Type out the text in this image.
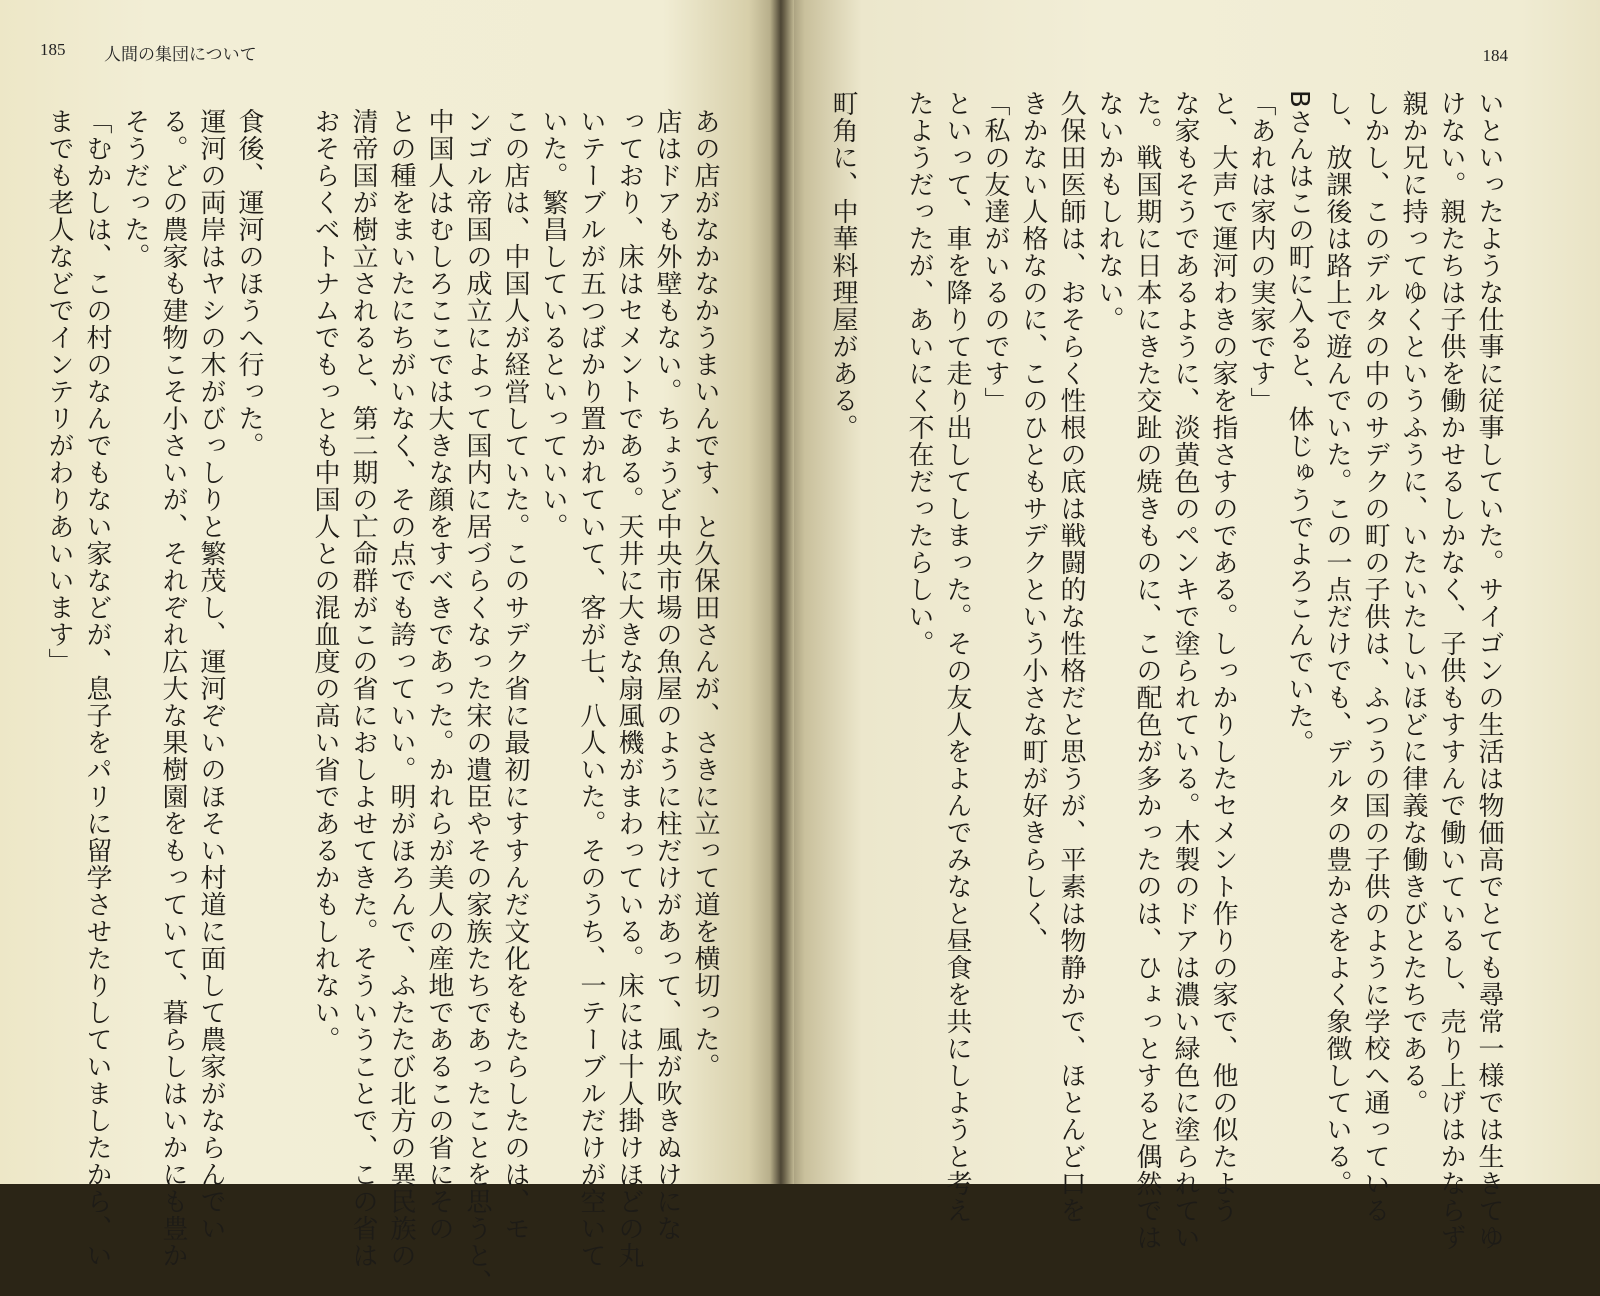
185 人間の集団について
あの店がなかなかうまいんです、と久保田さんが、さきに立って道を横切った。
店はドアも外壁もない。ちょうど中央市場の魚屋のように柱だけがあって、風が吹きぬけにな
っており、床はセメントである。天井に大きな扇風機がまわっている。床には十人掛けほどの丸
いテーブルが五つばかり置かれていて、客が七、八人いた。そのうち、一テーブルだけが空いて
いた。繁昌しているといっていい。
この店は、中国人が経営していた。このサデク省に最初にすすんだ文化をもたらしたのは、モ
ンゴル帝国の成立によって国内に居づらくなった宋の遺臣やその家族たちであったことを思うと、
中国人はむしろここでは大きな顔をすべきであった。かれらが美人の産地であるこの省にその
との種をまいたにちがいなく、その点でも誇っていい。明がほろんで、ふたたび北方の異民族の
清帝国が樹立されると、第二期の亡命群がこの省におしよせてきた。そういうことで、この省は
おそらくベトナムでもっとも中国人との混血度の高い省であるかもしれない。

食後、運河のほうへ行った。
運河の両岸はヤシの木がびっしりと繁茂し、運河ぞいのほそい村道に面して農家がならんでい
る。どの農家も建物こそ小さいが、それぞれ広大な果樹園をもっていて、暮らしはいかにも豊か
そうだった。
「むかしは、この村のなんでもない家などが、息子をパリに留学させたりしていましたから、い
までも老人などでインテリがわりあいいます」
184
いといったような仕事に従事していた。サイゴンの生活は物価高でとても尋常一様では生きてゆ
けない。親たちは子供を働かせるしかなく、子供もすすんで働いているし、売り上げはかならず
親か兄に持ってゆくというふうに、いたいたしいほどに律義な働きびとたちである。
しかし、このデルタの中のサデクの町の子供は、ふつうの国の子供のように学校へ通っている
し、放課後は路上で遊んでいた。この一点だけでも、デルタの豊かさをよく象徴している。
Bさんはこの町に入ると、体じゅうでよろこんでいた。
「あれは家内の実家です」
と、大声で運河わきの家を指さすのである。しっかりしたセメント作りの家で、他の似たよう
な家もそうであるように、淡黄色のペンキで塗られている。木製のドアは濃い緑色に塗られてい
た。戦国期に日本にきた交趾の焼きものに、この配色が多かったのは、ひょっとすると偶然では
ないかもしれない。
久保田医師は、おそらく性根の底は戦闘的な性格だと思うが、平素は物静かで、ほとんど口を
きかない人格なのに、このひともサデクという小さな町が好きらしく、
「私の友達がいるのです」
といって、車を降りて走り出してしまった。その友人をよんでみなと昼食を共にしようと考え
たようだったが、あいにく不在だったらしい。

町角に、中華料理屋がある。
